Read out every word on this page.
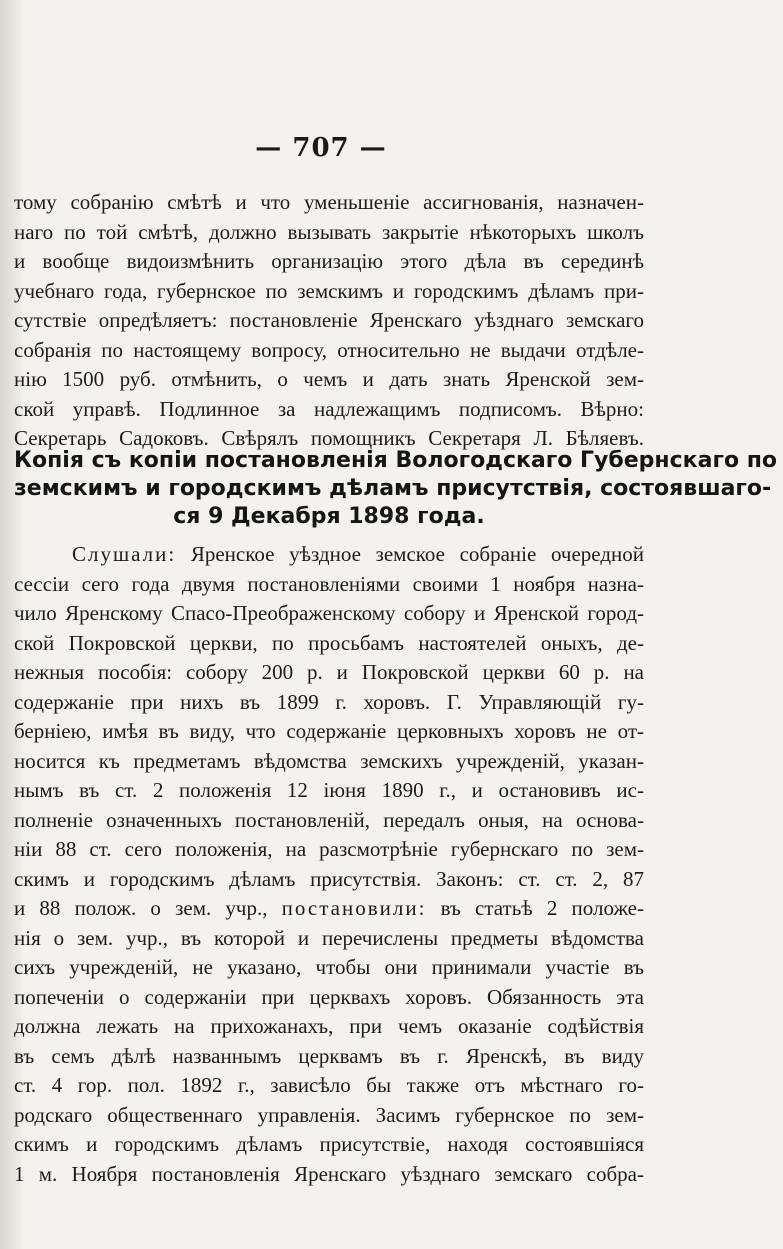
— 707 —
тому собранію смѣтѣ и что уменьшеніе ассигнованія, назначен-
наго по той смѣтѣ, должно вызывать закрытіе нѣкоторыхъ школъ
и вообще видоизмѣнить организацію этого дѣла въ серединѣ
учебнаго года, губернское по земскимъ и городскимъ дѣламъ при-
сутствіе опредѣляетъ: постановленіе Яренскаго уѣзднаго земскаго
собранія по настоящему вопросу, относительно не выдачи отдѣле-
нію 1500 руб. отмѣнить, о чемъ и дать знать Яренской зем-
ской управѣ. Подлинное за надлежащимъ подписомъ. Вѣрно:
Секретарь Садоковъ. Свѣрялъ помощникъ Секретаря Л. Бѣляевъ.
Копія съ копіи постановленія Вологодскаго Губернскаго по
земскимъ и городскимъ дѣламъ присутствія, состоявшаго-
ся 9 Декабря 1898 года.
Слушали: Яренское уѣздное земское собраніе очередной
сессіи сего года двумя постановленіями своими 1 ноября назна-
чило Яренскому Спасо-Преображенскому собору и Яренской город-
ской Покровской церкви, по просьбамъ настоятелей оныхъ, де-
нежныя пособія: собору 200 р. и Покровской церкви 60 р. на
содержаніе при нихъ въ 1899 г. хоровъ. Г. Управляющій гу-
берніею, имѣя въ виду, что содержаніе церковныхъ хоровъ не от-
носится къ предметамъ вѣдомства земскихъ учрежденій, указан-
нымъ въ ст. 2 положенія 12 іюня 1890 г., и остановивъ ис-
полненіе означенныхъ постановленій, передалъ оныя, на основа-
ніи 88 ст. сего положенія, на разсмотрѣніе губернскаго по зем-
скимъ и городскимъ дѣламъ присутствія. Законъ: ст. ст. 2, 87
и 88 полож. о зем. учр., постановили: въ статьѣ 2 положе-
нія о зем. учр., въ которой и перечислены предметы вѣдомства
сихъ учрежденій, не указано, чтобы они принимали участіе въ
попеченіи о содержаніи при церквахъ хоровъ. Обязанность эта
должна лежать на прихожанахъ, при чемъ оказаніе содѣйствія
въ семъ дѣлѣ названнымъ церквамъ въ г. Яренскѣ, въ виду
ст. 4 гор. пол. 1892 г., зависѣло бы также отъ мѣстнаго го-
родскаго общественнаго управленія. Засимъ губернское по зем-
скимъ и городскимъ дѣламъ присутствіе, находя состоявшіяся
1 м. Ноября постановленія Яренскаго уѣзднаго земскаго собра-
